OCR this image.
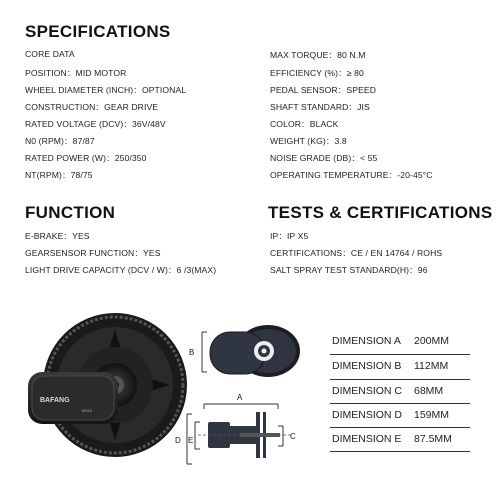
SPECIFICATIONS
CORE DATA
POSITION：MID MOTOR
WHEEL DIAMETER (INCH)：OPTIONAL
CONSTRUCTION：GEAR DRIVE
RATED VOLTAGE (DCV)：36V/48V
N0 (RPM)：87/87
RATED POWER (W)：250/350
NT(RPM)：78/75
MAX TORQUE：80 N.M
EFFICIENCY (%)：≥ 80
PEDAL SENSOR：SPEED
SHAFT STANDARD：JIS
COLOR：BLACK
WEIGHT (KG)：3.8
NOISE GRADE (DB)：< 55
OPERATING TEMPERATURE：-20-45°C
FUNCTION
E-BRAKE：YES
GEARSENSOR FUNCTION：YES
LIGHT DRIVE CAPACITY (DCV / W)：6 /3(MAX)
TESTS & CERTIFICATIONS
IP：IP X5
CERTIFICATIONS：CE / EN 14764 / ROHS
SALT SPRAY TEST STANDARD(H)：96
BAFANG
M315
B
A
D E	C
DIMENSION A 200MM
DIMENSION B 112MM
DIMENSION C 68MM
DIMENSION D 159MM
DIMENSION E 87.5MM
